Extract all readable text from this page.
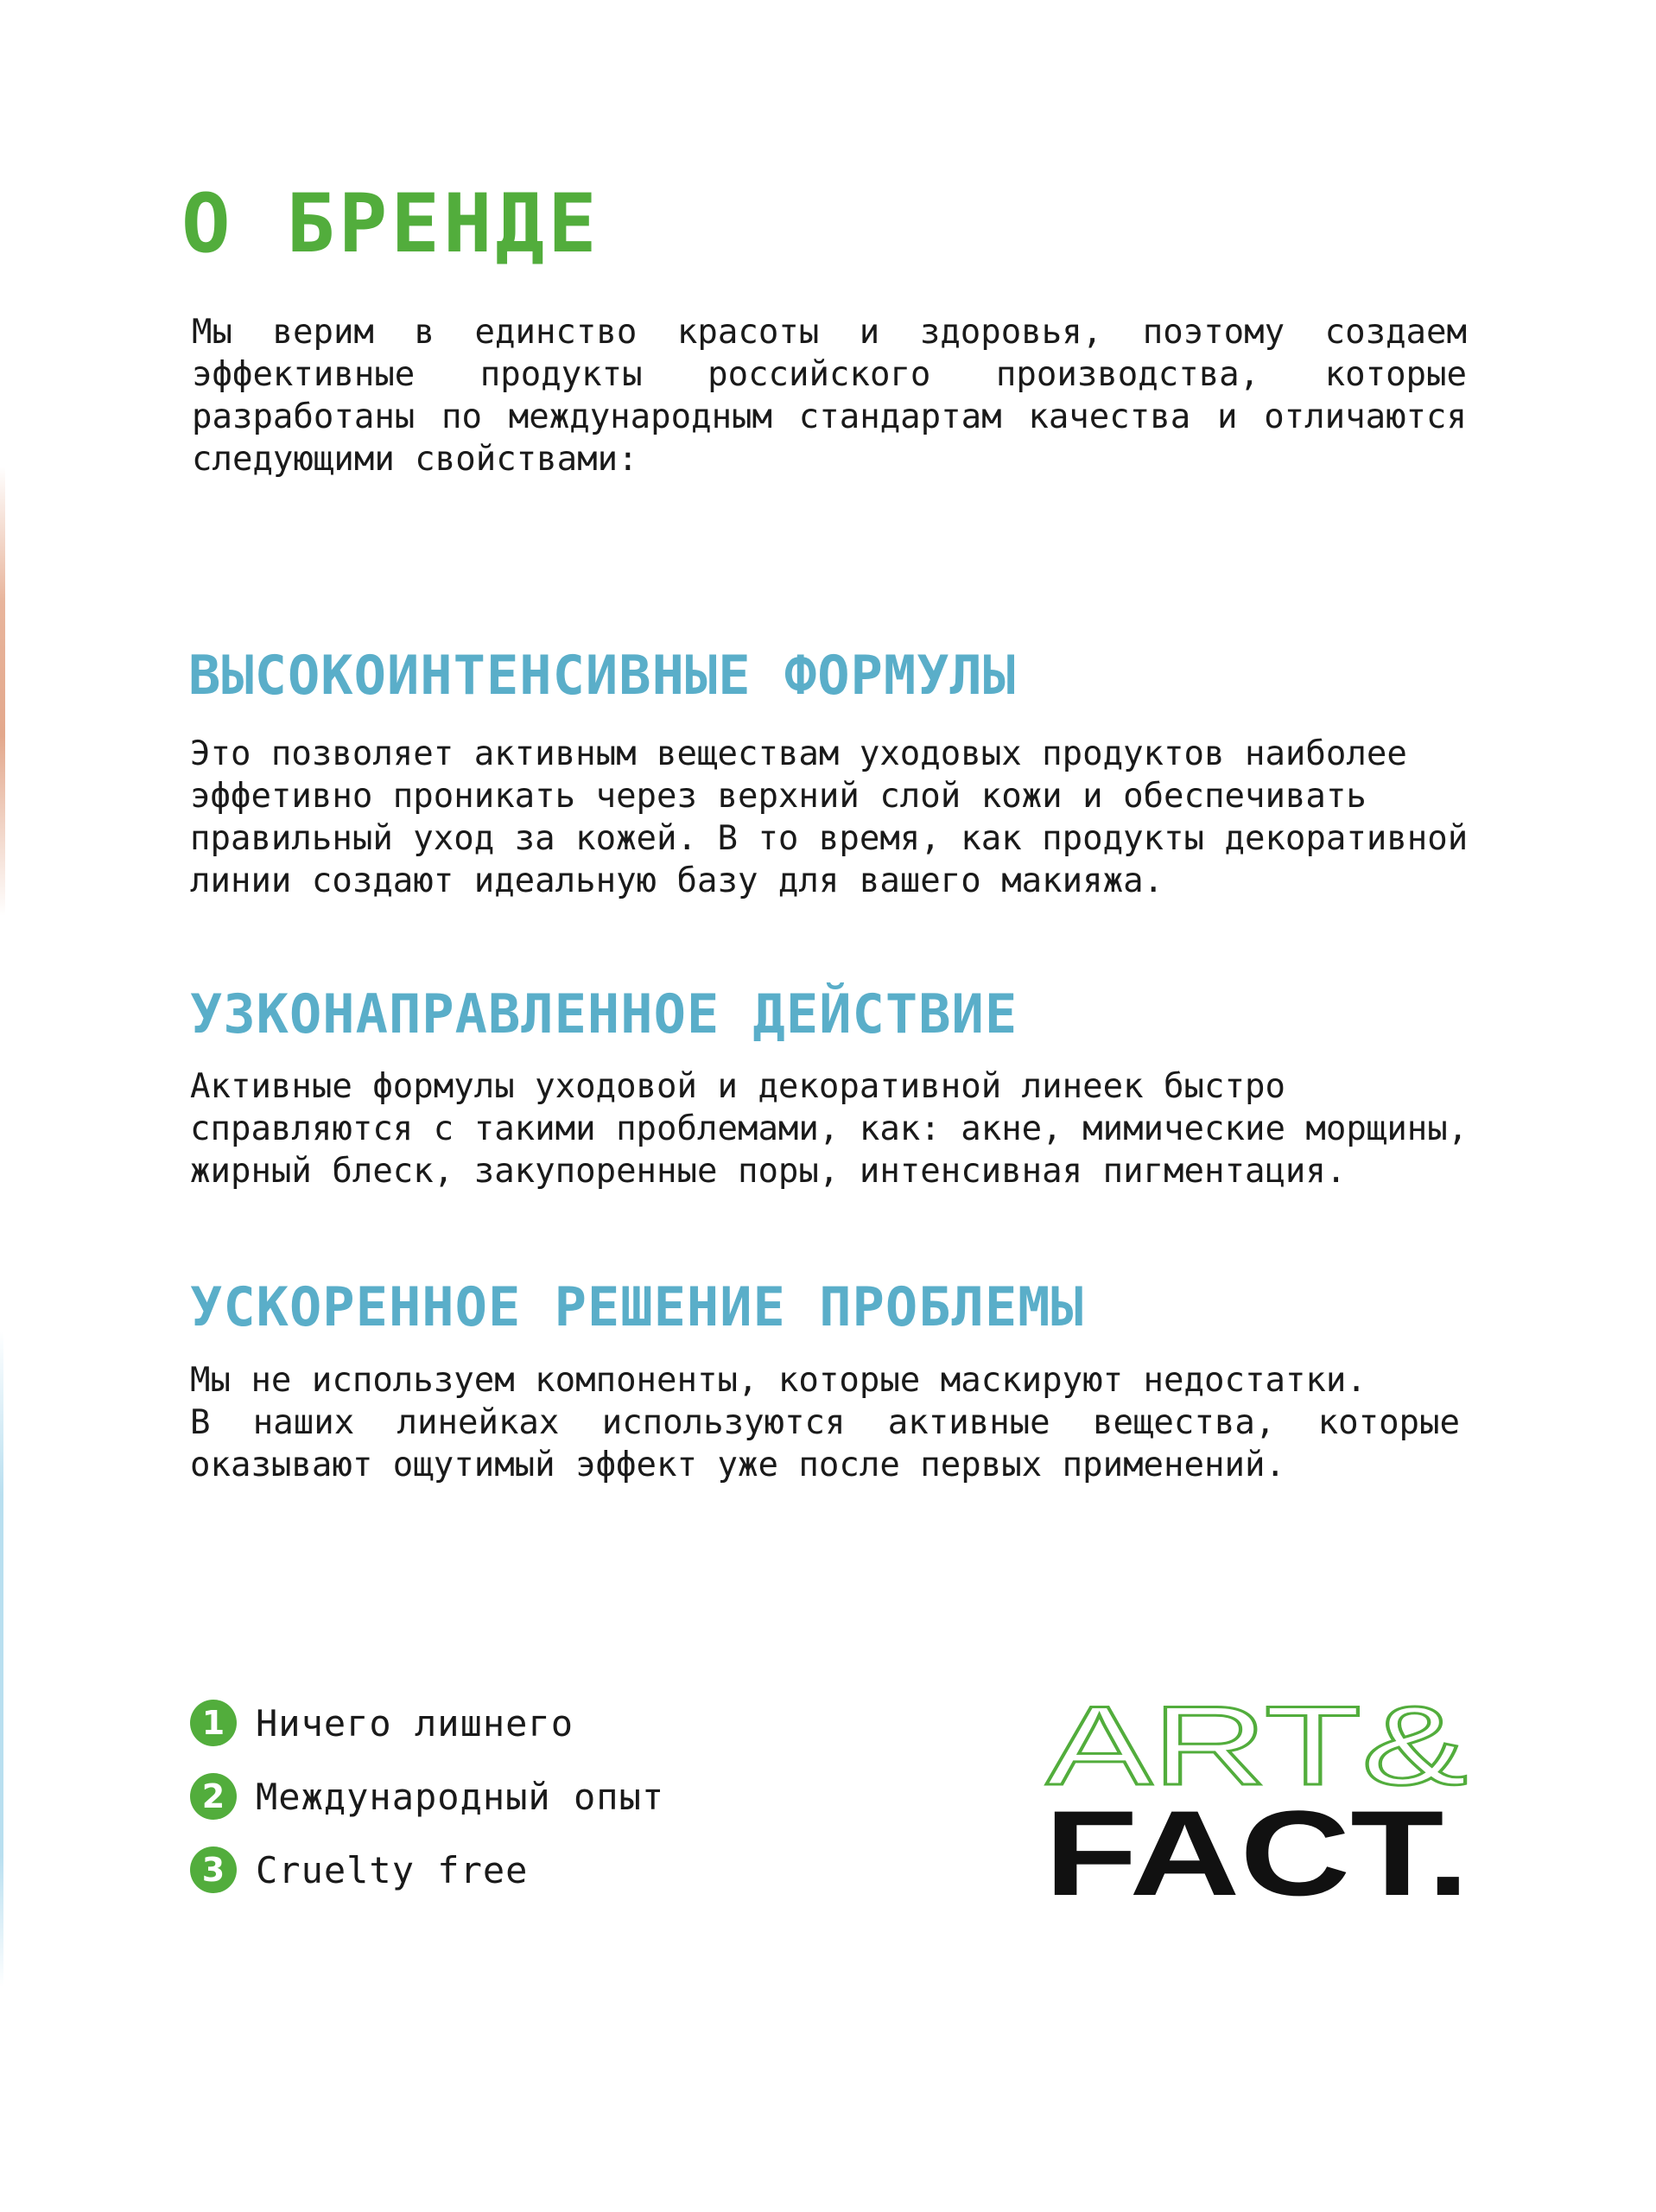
О БРЕНДЕ

Мы верим в единство красоты и здоровья, поэтому создаем эффективные продукты российского производства, которые разработаны по международным стандартам качества и отличаются следующими свойствами:

ВЫСОКОИНТЕНСИВНЫЕ ФОРМУЛЫ

Это позволяет активным веществам уходовых продуктов наиболее
эффетивно проникать через верхний слой кожи и обеспечивать
правильный уход за кожей. В то время, как продукты декоративной
линии создают идеальную базу для вашего макияжа.

УЗКОНАПРАВЛЕННОЕ ДЕЙСТВИЕ

Активные формулы уходовой и декоративной линеек быстро
справляются с такими проблемами, как: акне, мимические морщины,
жирный блеск, закупоренные поры, интенсивная пигментация.

УСКОРЕННОЕ РЕШЕНИЕ ПРОБЛЕМЫ
Мы не используем компоненты, которые маскируют недостатки.
В наших линейках используются активные вещества, которые
оказывают ощутимый эффект уже после первых применений.
1 Ничего лишнего
2 Международный опыт
3 Cruelty free
ART&
FACT.
